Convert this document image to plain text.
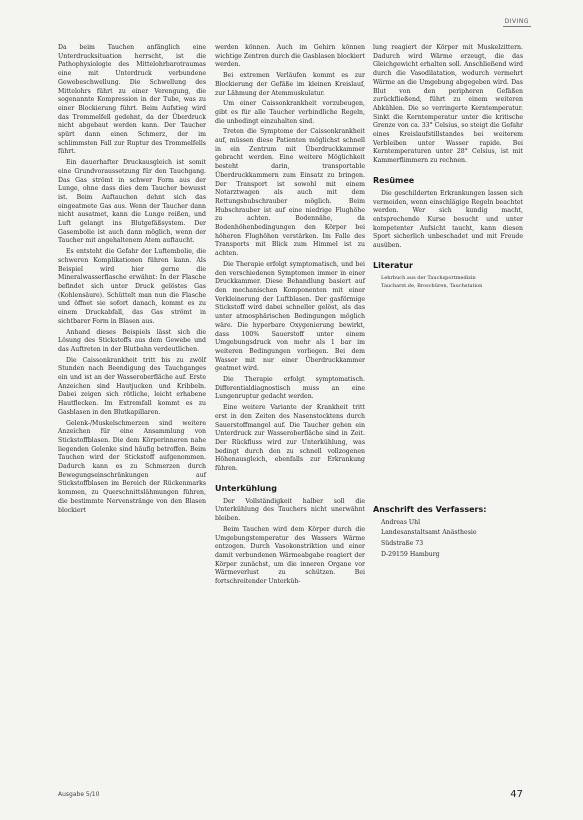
DIVING

Da beim Tauchen anfänglich eine Unterdrucksituation herrscht, ist die Pathophysiologie des Mittelohrbarotraumas eine mit Unterdruck verbundene Gewebeschwellung. Die Schwellung des Mittelohrs führt zu einer Verengung, die sogenannte Kompression in der Tube, was zu einer Blockierung führt. Beim Aufstieg wird das Trommelfell gedehnt, da der Überdruck nicht abgebaut werden kann. Der Taucher spürt dann einen Schmerz, der im schlimmsten Fall zur Ruptur des Trommelfells führt.

Ein dauerhafter Druckausgleich ist somit eine Grundvoraussetzung für den Tauchgang. Das Gas strömt in schwer Form aus der Lunge, ohne dass dies dem Taucher bewusst ist. Beim Auftauchen dehnt sich das eingeatmete Gas aus. Wenn der Taucher dann nicht ausatmet, kann die Lunge reißen, und Luft gelangt ins Blutgefäßsystem. Der Gasembolie ist auch dann möglich, wenn der Taucher mit angehaltenem Atem auftaucht.

Es entsteht die Gefahr der Luftembolie, die schweren Komplikationen führen kann. Als Beispiel wird hier gerne die Mineralwasserflasche erwähnt: In der Flasche befindet sich unter Druck gelöstes Gas (Kohlensäure). Schüttelt man nun die Flasche und öffnet sie sofort danach, kommt es zu einem Druckabfall, das Gas strömt in sichtbarer Form in Blasen aus.

Anhand dieses Beispiels lässt sich die Lösung des Stickstoffs aus dem Gewebe und das Auftreten in der Blutbahn verdeutlichen.

Die Caissonkrankheit tritt bis zu zwölf Stunden nach Beendigung des Tauchganges ein und ist an der Wasseroberfläche auf. Erste Anzeichen sind Hautjucken und Kribbeln. Dabei zeigen sich rötliche, leicht erhabene Hautflecken. Im Extremfall kommt es zu Gasblasen in den Blutkapillaren.

Gelenk-/Muskelschmerzen sind weitere Anzeichen für eine Ansammlung von Stickstoffblasen. Die dem Körperinneren nahe liegenden Gelenke sind häufig betroffen. Beim Tauchen wird der Stickstoff aufgenommen. Dadurch kann es zu Schmerzen durch Bewegungseinschränkungen auf Stickstoffblasen im Bereich der Rückenmarks kommen, zu Querschnittslähmungen führen, die bestimmte Nervenstränge von den Blasen blockiert

werden können. Auch im Gehirn können wichtige Zentren durch die Gasblasen blockiert werden.

Bei extremen Verläufen kommt es zur Blockierung der Gefäße im kleinen Kreislauf, zur Lähmung der Atemmuskulatur.

Um einer Caissonkrankheit vorzubeugen, gibt es für alle Taucher verbindliche Regeln, die unbedingt einzuhalten sind.

Treten die Symptome der Caissonkrankheit auf, müssen diese Patienten möglichst schnell in ein Zentrum mit Überdruckkammer gebracht werden. Eine weitere Möglichkeit besteht darin, transportable Überdruckkammern zum Einsatz zu bringen. Der Transport ist sowohl mit einem Notarztwagen als auch mit dem Rettungshubschrauber möglich. Beim Hubschrauber ist auf eine niedrige Flughöhe zu achten. Bodennähe, da Bodenhöhenbedingungen den Körper bei höheren Flughöhen verstärken. Im Falle des Transports mit Blick zum Himmel ist zu achten.

Die Therapie erfolgt symptomatisch, und bei den verschiedenen Symptomen immer in einer Druckkammer. Diese Behandlung basiert auf den mechanischen Komponenten mit einer Verkleinerung der Luftblasen. Der gasförmige Stickstoff wird dabei schneller gelöst, als das unter atmosphärischen Bedingungen möglich wäre. Die hyperbare Oxygenierung bewirkt, dass 100% Sauerstoff unter einem Umgebungsdruck von mehr als 1 bar im weiteren Bedingungen vorliegen. Bei dem Wasser mit nur einer Überdruckkammer geatmet wird.

Die Therapie erfolgt symptomatisch. Differentialdiagnostisch muss an eine Lungenruptur gedacht werden.

Eine weitere Variante der Krankheit tritt erst in den Zeiten des Nasenstocktens durch Sauerstoffmangel auf. Die Taucher gehen ein Unterdruck zur Wasseroberfläche sind in Zeit. Der Rückfluss wird zur Unterkühlung, was bedingt durch den zu schnell vollzogenen Höhenausgleich, ebenfalls zur Erkrankung führen.

Unterkühlung

Der Vollständigkeit halber soll die Unterkühlung des Tauchers nicht unerwähnt bleiben.

Beim Tauchen wird dem Körper durch die Umgebungstemperatur des Wassers Wärme entzogen. Durch Vasokonstriktion und einer damit verbundenen Wärmeabgabe reagiert der Körper zunächst, um die inneren Organe vor Wärmeverlust zu schützen. Bei fortschreitender Unterküh-

lung reagiert der Körper mit Muskelzittern. Dadurch wird Wärme erzeugt, die das Gleichgewicht erhalten soll. Anschließend wird durch die Vasodilatation, wodurch vermehrt Wärme an die Umgebung abgegeben wird. Das Blut von den peripheren Gefäßen zurückfließend, führt zu einem weiteren Abkühlen. Die so verringerte Kerntemperatur. Sinkt die Kerntemperatur unter die kritische Grenze von ca. 33° Celsius, so steigt die Gefahr eines Kreislaufstillstandes bei weiterem Verbleiben unter Wasser rapide. Bei Kerntemperaturen unter 28° Celsius, ist mit Kammerflimmern zu rechnen.

Resümee

Die geschilderten Erkrankungen lassen sich vermeiden, wenn einschlägige Regeln beachtet werden. Wer sich kundig macht, entsprechende Kurse besucht und unter kompetenter Aufsicht taucht, kann diesen Sport sicherlich unbeschadet und mit Freude ausüben.

Literatur

Lehrbuch aus der Tauchsportmedizin

Taucharzt.de, Broschüren, Tauchstation

Anschrift des Verfassers:

Andreas Uhl

Landesanstaltsamt Anästhesie

Südstraße 73

D-29159 Hamburg

Ausgabe 5/10	47
